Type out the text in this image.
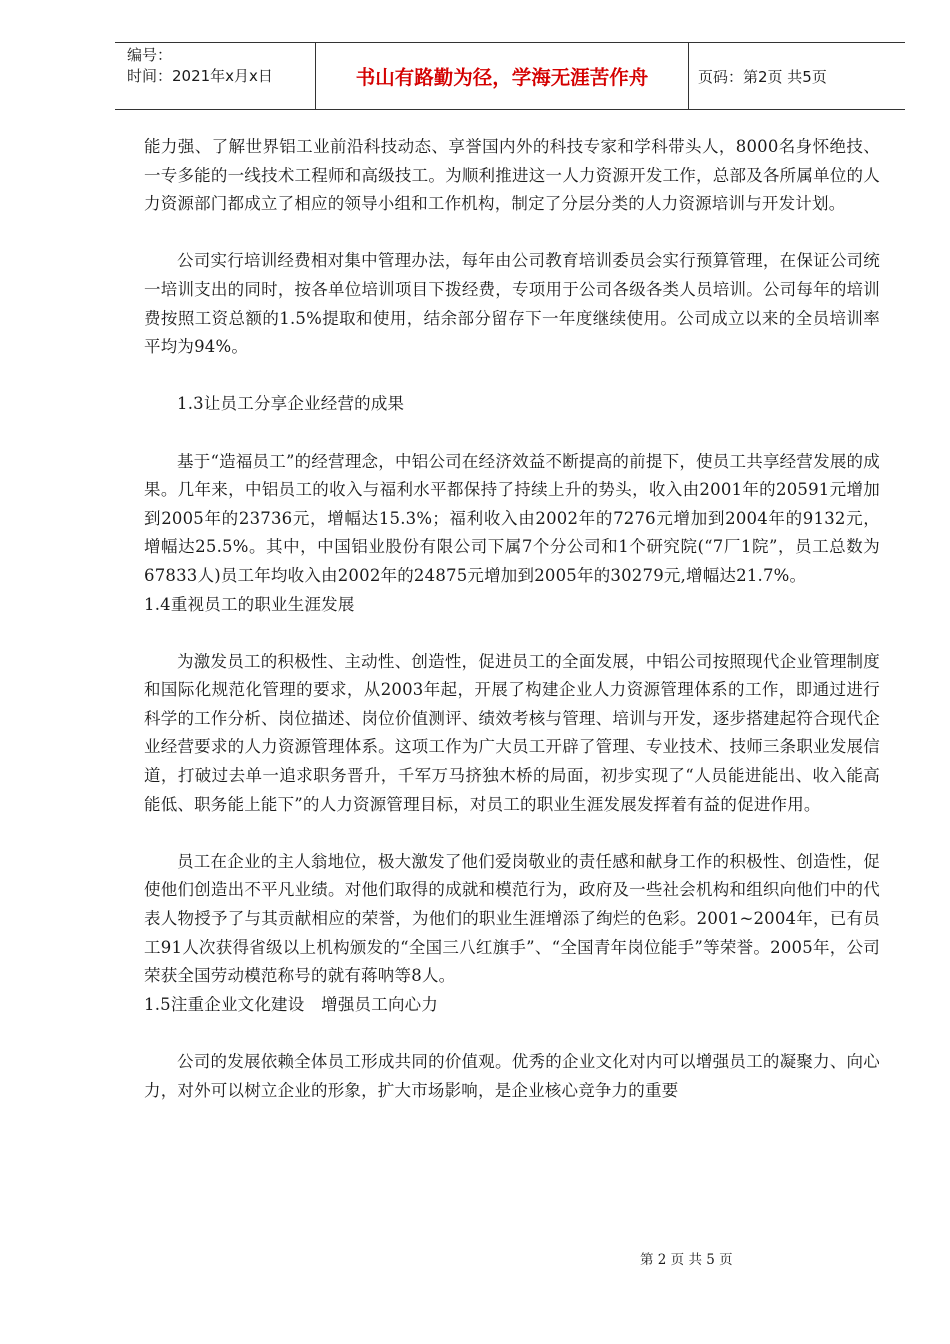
编号：
时间：2021年x月x日	书山有路勤为径，学海无涯苦作舟	页码：第2页 共5页

能力强、了解世界铝工业前沿科技动态、享誉国内外的科技专家和学科带头人，8000名身怀绝技、一专多能的一线技术工程师和高级技工。为顺利推进这一人力资源开发工作，总部及各所属单位的人力资源部门都成立了相应的领导小组和工作机构，制定了分层分类的人力资源培训与开发计划。

公司实行培训经费相对集中管理办法，每年由公司教育培训委员会实行预算管理，在保证公司统一培训支出的同时，按各单位培训项目下拨经费，专项用于公司各级各类人员培训。公司每年的培训费按照工资总额的1.5%提取和使用，结余部分留存下一年度继续使用。公司成立以来的全员培训率平均为94%。

1.3让员工分享企业经营的成果

基于“造福员工”的经营理念，中铝公司在经济效益不断提高的前提下，使员工共享经营发展的成果。几年来，中铝员工的收入与福利水平都保持了持续上升的势头，收入由2001年的20591元增加到2005年的23736元，增幅达15.3%；福利收入由2002年的7276元增加到2004年的9132元，增幅达25.5%。其中，中国铝业股份有限公司下属7个分公司和1个研究院(“7厂1院”，员工总数为67833人)员工年均收入由2002年的24875元增加到2005年的30279元,增幅达21.7%。

1.4重视员工的职业生涯发展

为激发员工的积极性、主动性、创造性，促进员工的全面发展，中铝公司按照现代企业管理制度和国际化规范化管理的要求，从2003年起，开展了构建企业人力资源管理体系的工作，即通过进行科学的工作分析、岗位描述、岗位价值测评、绩效考核与管理、培训与开发，逐步搭建起符合现代企业经营要求的人力资源管理体系。这项工作为广大员工开辟了管理、专业技术、技师三条职业发展信道，打破过去单一追求职务晋升，千军万马挤独木桥的局面，初步实现了“人员能进能出、收入能高能低、职务能上能下”的人力资源管理目标，对员工的职业生涯发展发挥着有益的促进作用。

员工在企业的主人翁地位，极大激发了他们爱岗敬业的责任感和献身工作的积极性、创造性，促使他们创造出不平凡业绩。对他们取得的成就和模范行为，政府及一些社会机构和组织向他们中的代表人物授予了与其贡献相应的荣誉，为他们的职业生涯增添了绚烂的色彩。2001~2004年，已有员工91人次获得省级以上机构颁发的“全国三八红旗手”、“全国青年岗位能手”等荣誉。2005年，公司荣获全国劳动模范称号的就有蒋呐等8人。

1.5注重企业文化建设　增强员工向心力

公司的发展依赖全体员工形成共同的价值观。优秀的企业文化对内可以增强员工的凝聚力、向心力，对外可以树立企业的形象，扩大市场影响，是企业核心竞争力的重要

第 2 页 共 5 页
